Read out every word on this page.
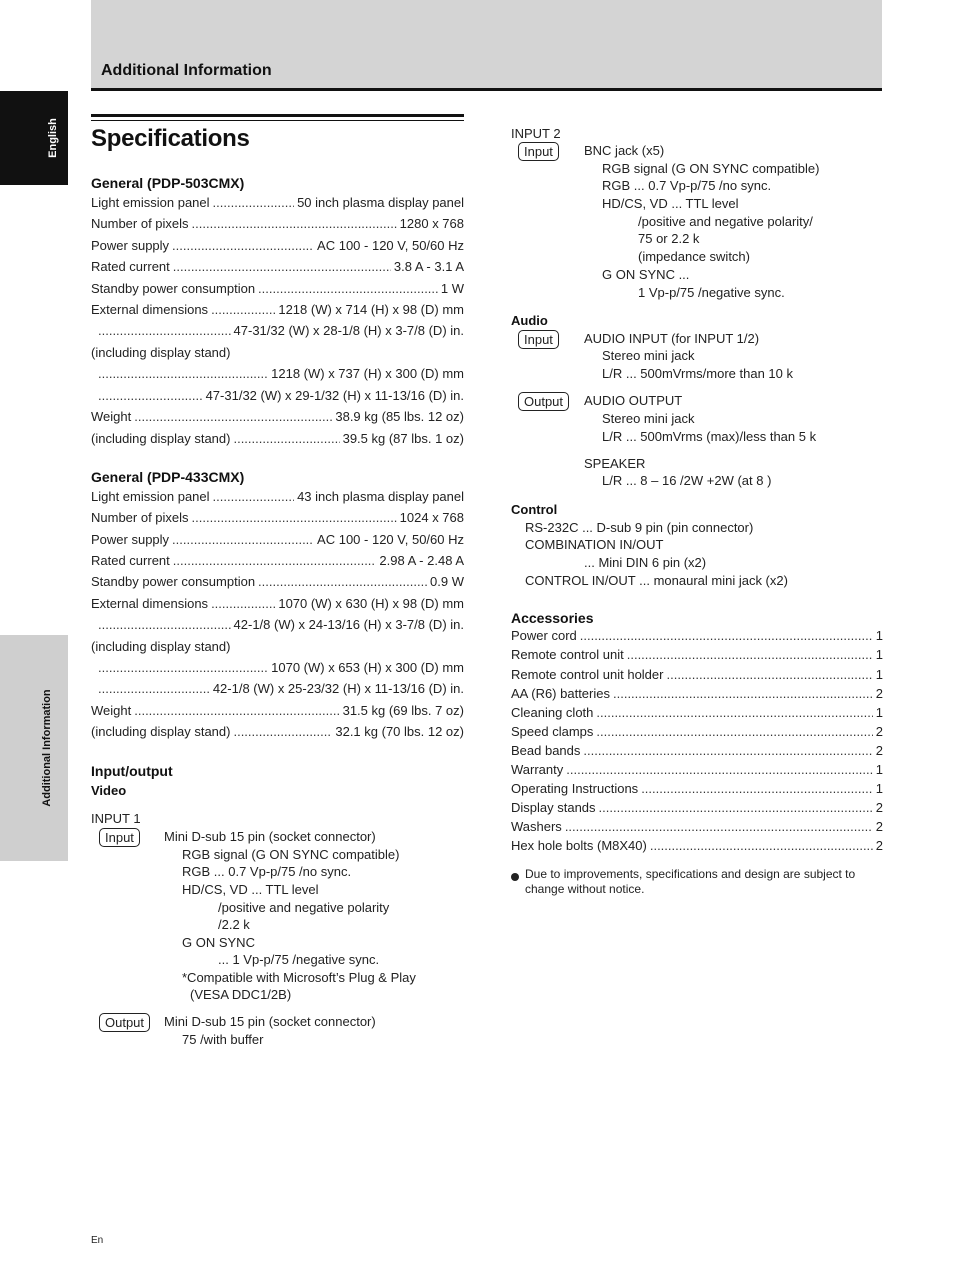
Additional Information
English
Additional Information
Specifications
General (PDP-503CMX)
Light emission panel .....	50 inch plasma display panel
Number of pixels .....	1280 x 768
Power supply .....	AC 100 - 120 V, 50/60 Hz
Rated current .....	3.8 A - 3.1 A
Standby power consumption .....	1 W
External dimensions .....	1218 (W) x 714 (H) x 98 (D) mm
.....
47-31/32 (W) x 28-1/8 (H) x 3-7/8 (D) in.
(including display stand)
.....
1218 (W) x 737 (H) x 300 (D) mm
.....
47-31/32 (W) x 29-1/32 (H) x 11-13/16 (D) in.
Weight .....	38.9 kg (85 lbs. 12 oz)
(including display stand) .....	39.5 kg (87 lbs. 1 oz)
General (PDP-433CMX)
Light emission panel .....	43 inch plasma display panel
Number of pixels .....	1024 x 768
Power supply .....	AC 100 - 120 V, 50/60 Hz
Rated current .....	2.98 A - 2.48 A
Standby power consumption .....	0.9 W
External dimensions .....	1070 (W) x 630 (H) x 98 (D) mm
.....
42-1/8 (W) x 24-13/16 (H) x 3-7/8 (D) in.
(including display stand)
.....
1070 (W) x 653 (H) x 300 (D) mm
.....
42-1/8 (W) x 25-23/32 (H) x 11-13/16 (D) in.
Weight .....	31.5 kg (69 lbs. 7 oz)
(including display stand) .....	32.1 kg (70 lbs. 12 oz)
Input/output
Video
INPUT 1
Input	Mini D-sub 15 pin (socket connector)
RGB signal (G ON SYNC compatible)
RGB ... 0.7 Vp-p/75 /no sync.
HD/CS, VD ... TTL level
/positive and negative polarity
/2.2 k
G ON SYNC
... 1 Vp-p/75 /negative sync.
*Compatible with Microsoft’s Plug & Play
(VESA DDC1/2B)
Output	Mini D-sub 15 pin (socket connector)
75 /with buffer
INPUT 2
Input	BNC jack (x5)
RGB signal (G ON SYNC compatible)
RGB ... 0.7 Vp-p/75 /no sync.
HD/CS, VD ... TTL level
/positive and negative polarity/
75 or 2.2 k
(impedance switch)
G ON SYNC ...
1 Vp-p/75 /negative sync.
Audio
Input	AUDIO INPUT (for INPUT 1/2)
Stereo mini jack
L/R ... 500mVrms/more than 10 k
Output	AUDIO OUTPUT
Stereo mini jack
L/R ... 500mVrms (max)/less than 5 k
SPEAKER
L/R ... 8 – 16 /2W +2W (at 8 )
Control
RS-232C ... D-sub 9 pin (pin connector)
COMBINATION IN/OUT
... Mini DIN 6 pin (x2)
CONTROL IN/OUT ... monaural mini jack (x2)
Accessories
Power cord .....	1
Remote control unit .....	1
Remote control unit holder .....	1
AA (R6) batteries .....	2
Cleaning cloth .....	1
Speed clamps .....	2
Bead bands .....	2
Warranty .....	1
Operating Instructions .....	1
Display stands .....	2
Washers .....	2
Hex hole bolts (M8X40) .....	2
Due to improvements, specifications and design are subject to change without notice.
En
